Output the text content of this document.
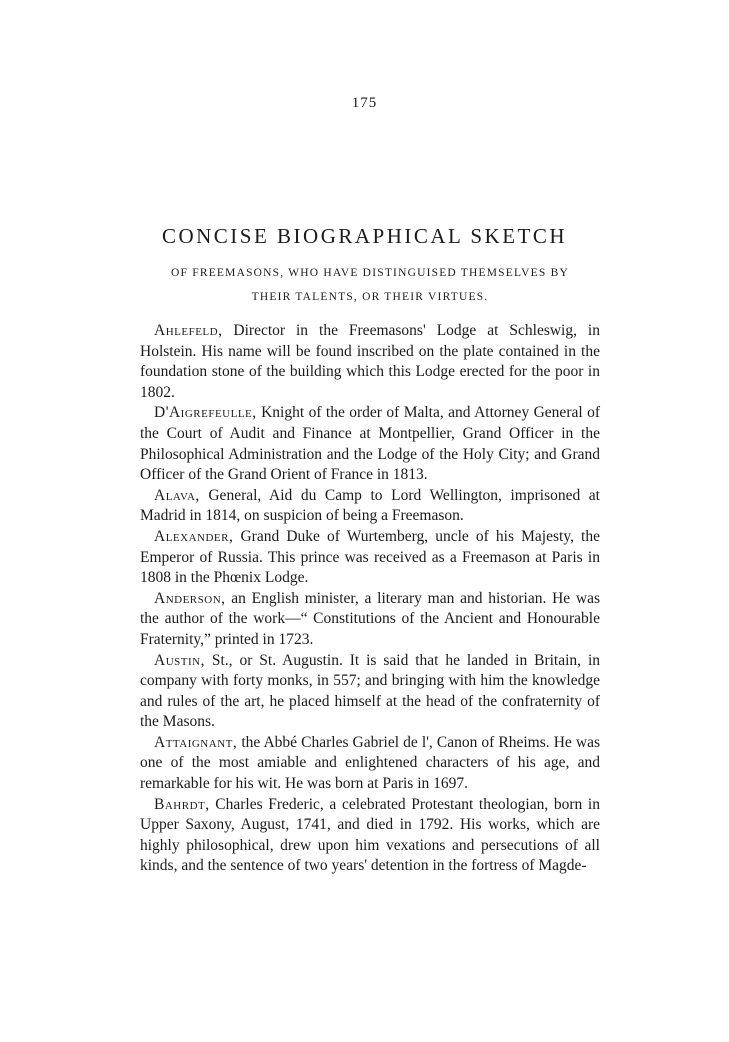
175
CONCISE BIOGRAPHICAL SKETCH
OF FREEMASONS, WHO HAVE DISTINGUISED THEMSELVES BY
THEIR TALENTS, OR THEIR VIRTUES.

Ahlefeld, Director in the Freemasons' Lodge at Schleswig, in Holstein. His name will be found inscribed on the plate contained in the foundation stone of the building which this Lodge erected for the poor in 1802.

D'Aigrefeulle, Knight of the order of Malta, and Attorney General of the Court of Audit and Finance at Montpellier, Grand Officer in the Philosophical Administration and the Lodge of the Holy City; and Grand Officer of the Grand Orient of France in 1813.

Alava, General, Aid du Camp to Lord Wellington, imprisoned at Madrid in 1814, on suspicion of being a Freemason.

Alexander, Grand Duke of Wurtemberg, uncle of his Majesty, the Emperor of Russia. This prince was received as a Freemason at Paris in 1808 in the Phœnix Lodge.

Anderson, an English minister, a literary man and historian. He was the author of the work—“ Constitutions of the Ancient and Honourable Fraternity,” printed in 1723.

Austin, St., or St. Augustin. It is said that he landed in Britain, in company with forty monks, in 557; and bringing with him the knowledge and rules of the art, he placed himself at the head of the confraternity of the Masons.

Attaignant, the Abbé Charles Gabriel de l', Canon of Rheims. He was one of the most amiable and enlightened characters of his age, and remarkable for his wit. He was born at Paris in 1697.

Bahrdt, Charles Frederic, a celebrated Protestant theologian, born in Upper Saxony, August, 1741, and died in 1792. His works, which are highly philosophical, drew upon him vexations and persecutions of all kinds, and the sentence of two years' detention in the fortress of Magde-
